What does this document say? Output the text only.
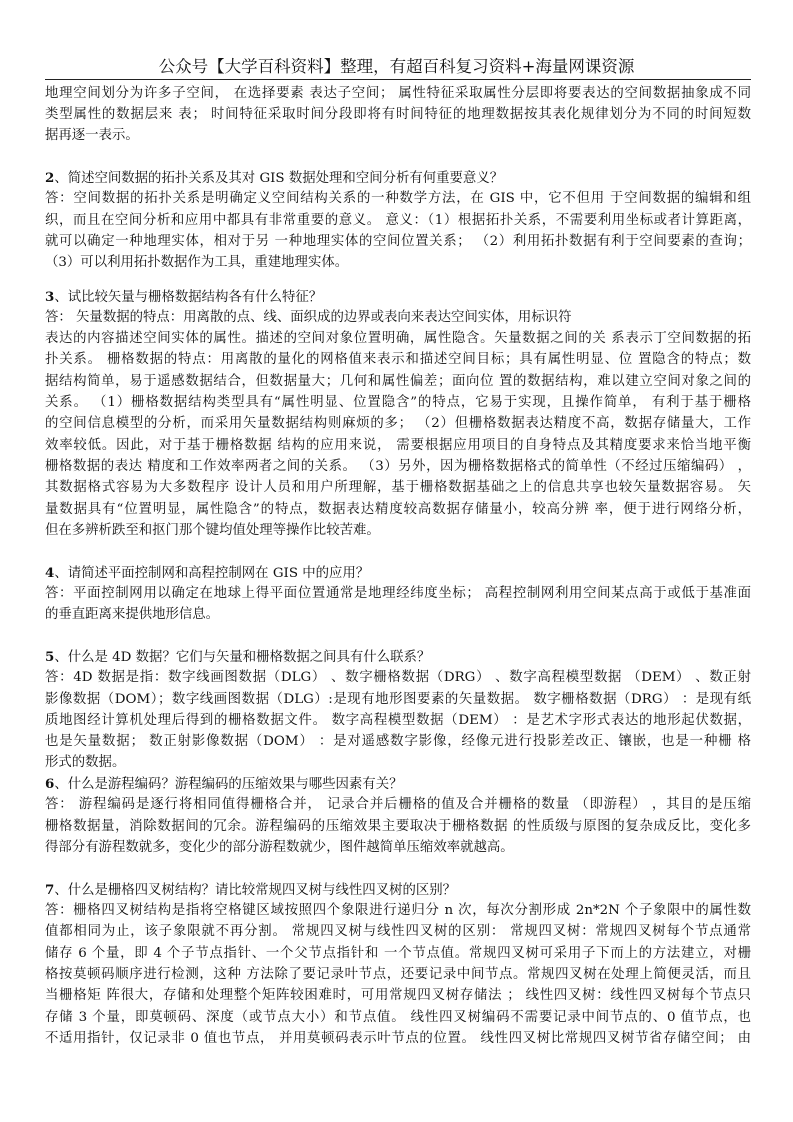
公众号【大学百科资料】整理，有超百科复习资料+海量网课资源
地理空间划分为许多子空间， 在选择要素 表达子空间； 属性特征采取属性分层即将要表达的空间数据抽象成不同
类型属性的数据层来 表； 时间特征采取时间分段即将有时间特征的地理数据按其表化规律划分为不同的时间短数
据再逐一表示。
2、简述空间数据的拓扑关系及其对 GIS 数据处理和空间分析有何重要意义？
答：空间数据的拓扑关系是明确定义空间结构关系的一种数学方法，在 GIS 中，它不但用 于空间数据的编辑和组
织，而且在空间分析和应用中都具有非常重要的意义。 意义：（1）根据拓扑关系，不需要利用坐标或者计算距离，
就可以确定一种地理实体，相对于另 一种地理实体的空间位置关系； （2）利用拓扑数据有利于空间要素的查询；
（3）可以利用拓扑数据作为工具，重建地理实体。
3、试比较矢量与栅格数据结构各有什么特征？
答： 矢量数据的特点：用离散的点、线、面织成的边界或表向来表达空间实体，用标识符
表达的内容描述空间实体的属性。描述的空间对象位置明确，属性隐含。矢量数据之间的关 系表示丁空间数据的拓
扑关系。 栅格数据的特点：用离散的量化的网格值来表示和描述空间目标；具有属性明显、位 置隐含的特点；数
据结构简单，易于遥感数据结合，但数据量大；几何和属性偏差；面向位 置的数据结构，难以建立空间对象之间的
关系。 （1）栅格数据结构类型具有“属性明显、位置隐含”的特点，它易于实现，且操作简单， 有利于基于栅格
的空间信息模型的分析，而采用矢量数据结构则麻烦的多； （2）但栅格数据表达精度不高，数据存储量大，工作
效率较低。因此，对于基于栅格数据 结构的应用来说， 需要根据应用项目的自身特点及其精度要求来恰当地平衡
栅格数据的表达 精度和工作效率两者之间的关系。 （3）另外，因为栅格数据格式的简单性（不经过压缩编码） ，
其数据格式容易为大多数程序 设计人员和用户所理解，基于栅格数据基础之上的信息共享也较矢量数据容易。 矢
量数据具有“位置明显，属性隐含”的特点，数据表达精度较高数据存储量小，较高分辨 率，便于进行网络分析，
但在多辨析跌至和抠门那个键均值处理等操作比较苦难。
4、请简述平面控制网和高程控制网在 GIS 中的应用？
答：平面控制网用以确定在地球上得平面位置通常是地理经纬度坐标； 高程控制网利用空间某点高于或低于基准面
的垂直距离来提供地形信息。
5、什么是 4D 数据？它们与矢量和栅格数据之间具有什么联系？
答：4D 数据是指：数字线画图数据（DLG） 、数字栅格数据（DRG） 、数字高程模型数据 （DEM） 、数正射
影像数据（DOM）；数字线画图数据（DLG）:是现有地形图要素的矢量数据。 数字栅格数据（DRG） ：是现有纸
质地图经计算机处理后得到的栅格数据文件。 数字高程模型数据（DEM） ：是艺术字形式表达的地形起伏数据，
也是矢量数据； 数正射影像数据（DOM） ：是对遥感数字影像，经像元进行投影差改正、镶嵌，也是一种栅 格
形式的数据。
6、什么是游程编码？游程编码的压缩效果与哪些因素有关？
答： 游程编码是逐行将相同值得栅格合并， 记录合并后栅格的值及合并栅格的数量 （即游程） ，其目的是压缩
栅格数据量，消除数据间的冗余。游程编码的压缩效果主要取决于栅格数据 的性质级与原图的复杂成反比，变化多
得部分有游程数就多，变化少的部分游程数就少，图件越简单压缩效率就越高。
7、什么是栅格四叉树结构？请比较常规四叉树与线性四叉树的区别？
答：栅格四叉树结构是指将空格键区域按照四个象限进行递归分 n 次，每次分割形成 2n*2N 个子象限中的属性数
值都相同为止，该子象限就不再分割。 常规四叉树与线性四叉树的区别： 常规四叉树：常规四叉树每个节点通常
储存 6 个量，即 4 个子节点指针、一个父节点指针和 一个节点值。常规四叉树可采用子下而上的方法建立，对栅
格按莫顿码顺序进行检测，这种 方法除了要记录叶节点，还要记录中间节点。常规四叉树在处理上简便灵活，而且
当栅格矩 阵很大，存储和处理整个矩阵较困难时，可用常规四叉树存储法 ； 线性四叉树：线性四叉树每个节点只
存储 3 个量，即莫顿码、深度（或节点大小）和节点值。 线性四叉树编码不需要记录中间节点的、0 值节点，也
不适用指针，仅记录非 0 值也节点， 并用莫顿码表示叶节点的位置。 线性四叉树比常规四叉树节省存储空间； 由
